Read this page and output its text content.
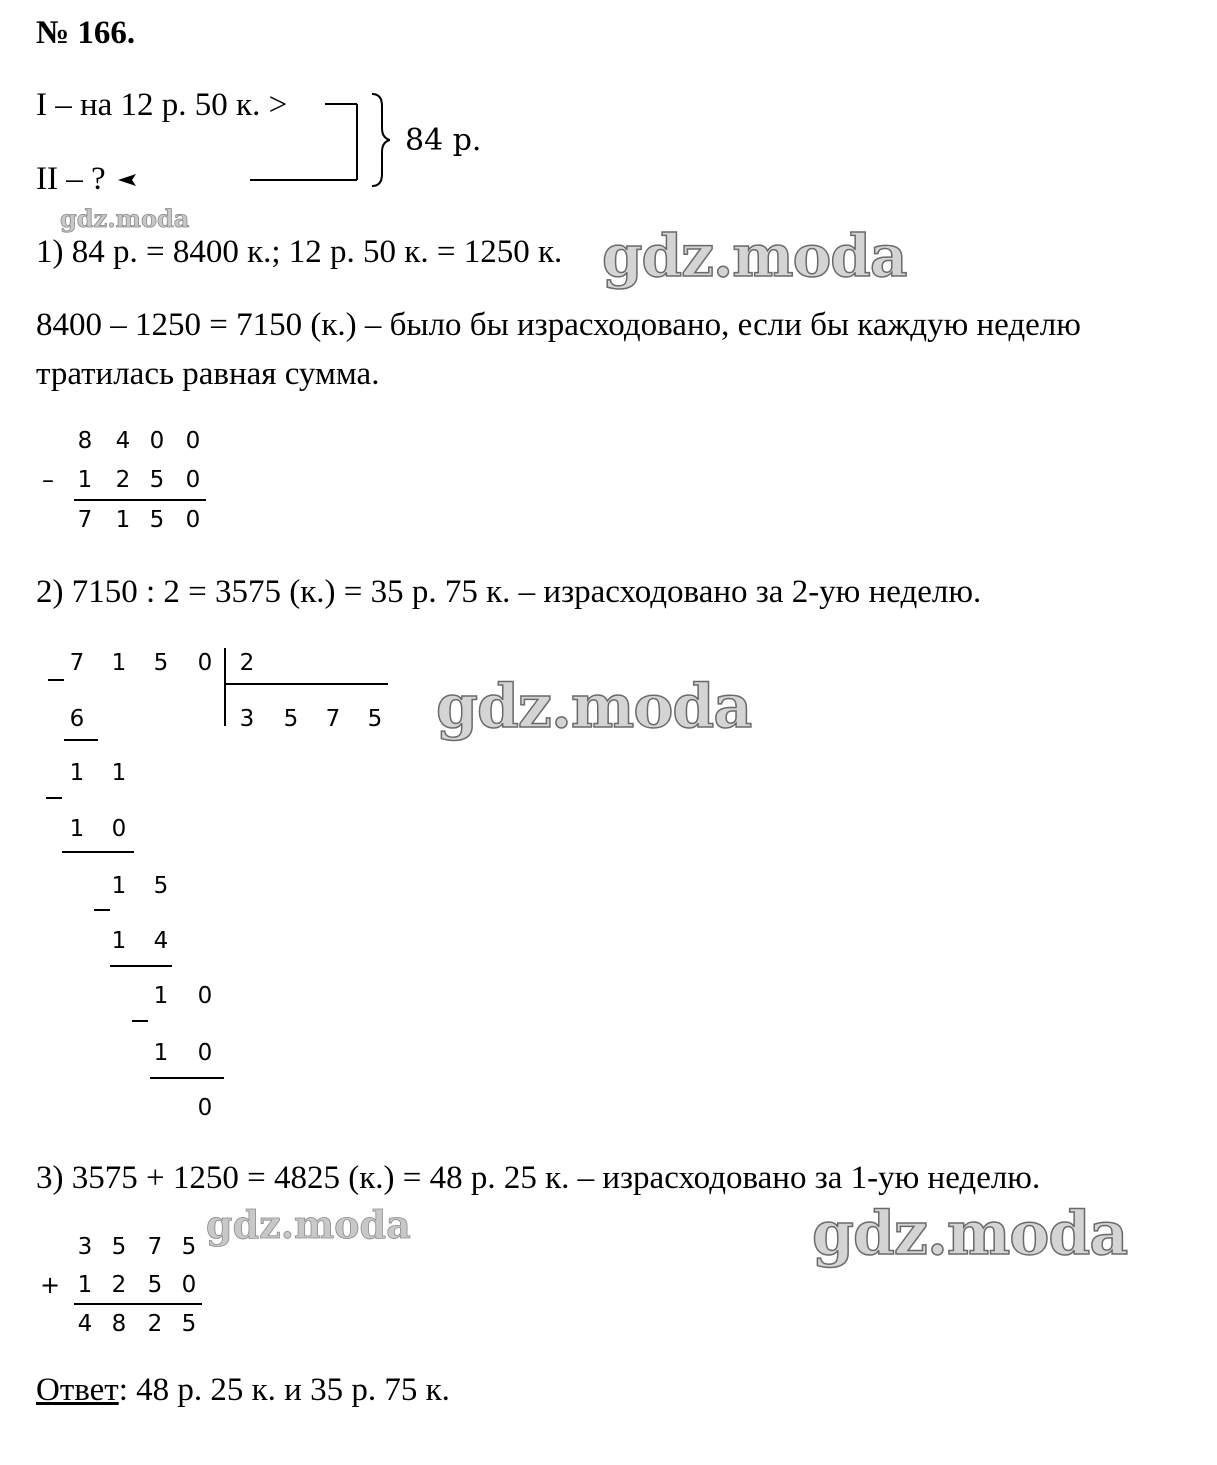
№ 166.
I – на 12 р. 50 к. >
II – ?
84 р.
gdz.moda
1) 84 р. = 8400 к.; 12 р. 50 к. = 1250 к. gdz.moda
8400 – 1250 = 7150 (к.) – было бы израсходовано, если бы каждую неделю
тратилась равная сумма.
8 4 0 0
– 1 2 5 0
7 1 5 0
2) 7150 : 2 = 3575 (к.) = 35 р. 75 к. – израсходовано за 2-ую неделю.
7 1 5 0 2
3 5 7 5
6
1 1
1 0
1 5
1 4
1 0
1 0
0
gdz.moda
3) 3575 + 1250 = 4825 (к.) = 48 р. 25 к. – израсходовано за 1-ую неделю.
gdz.moda	gdz.moda
3 5 7 5
+ 1 2 5 0
4 8 2 5
Ответ: 48 р. 25 к. и 35 р. 75 к.
